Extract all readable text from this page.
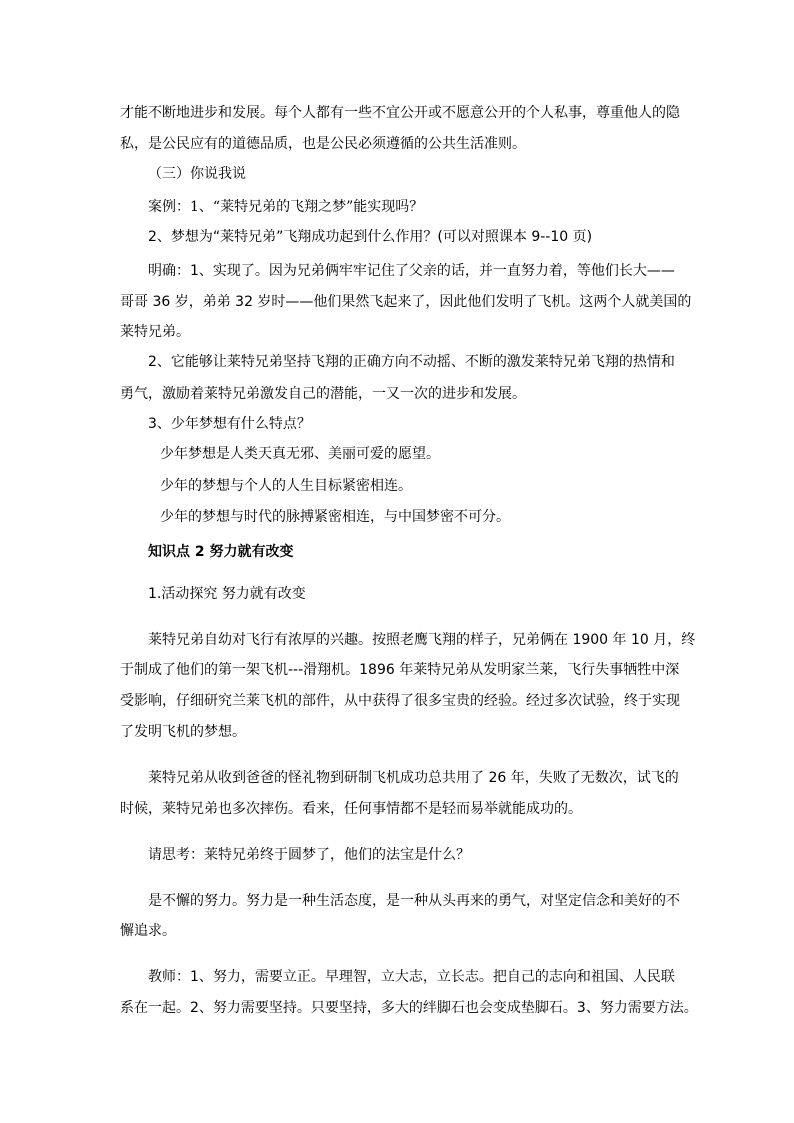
才能不断地进步和发展。每个人都有一些不宜公开或不愿意公开的个人私事，尊重他人的隐
私，是公民应有的道德品质，也是公民必须遵循的公共生活准则。
（三）你说我说
案例：1、“莱特兄弟的飞翔之梦”能实现吗？
2、梦想为“莱特兄弟”飞翔成功起到什么作用？(可以对照课本 9--10 页)
明确：1、实现了。因为兄弟俩牢牢记住了父亲的话，并一直努力着，等他们长大——
哥哥 36 岁，弟弟 32 岁时——他们果然飞起来了，因此他们发明了飞机。这两个人就美国的
莱特兄弟。
2、它能够让莱特兄弟坚持飞翔的正确方向不动摇、不断的激发莱特兄弟飞翔的热情和
勇气，激励着莱特兄弟激发自己的潜能，一又一次的进步和发展。
3、少年梦想有什么特点？
少年梦想是人类天真无邪、美丽可爱的愿望。
少年的梦想与个人的人生目标紧密相连。
少年的梦想与时代的脉搏紧密相连，与中国梦密不可分。
知识点 2 努力就有改变
1.活动探究 努力就有改变
莱特兄弟自幼对飞行有浓厚的兴趣。按照老鹰飞翔的样子，兄弟俩在 1900 年 10 月，终
于制成了他们的第一架飞机---滑翔机。1896 年莱特兄弟从发明家兰莱，飞行失事牺牲中深
受影响，仔细研究兰莱飞机的部件，从中获得了很多宝贵的经验。经过多次试验，终于实现
了发明飞机的梦想。
莱特兄弟从收到爸爸的怪礼物到研制飞机成功总共用了 26 年，失败了无数次，试飞的
时候，莱特兄弟也多次摔伤。看来，任何事情都不是轻而易举就能成功的。
请思考：莱特兄弟终于圆梦了，他们的法宝是什么？
是不懈的努力。努力是一种生活态度，是一种从头再来的勇气，对坚定信念和美好的不
懈追求。
教师：1、努力，需要立正。早理智，立大志，立长志。把自己的志向和祖国、人民联
系在一起。2、努力需要坚持。只要坚持，多大的绊脚石也会变成垫脚石。3、努力需要方法。
